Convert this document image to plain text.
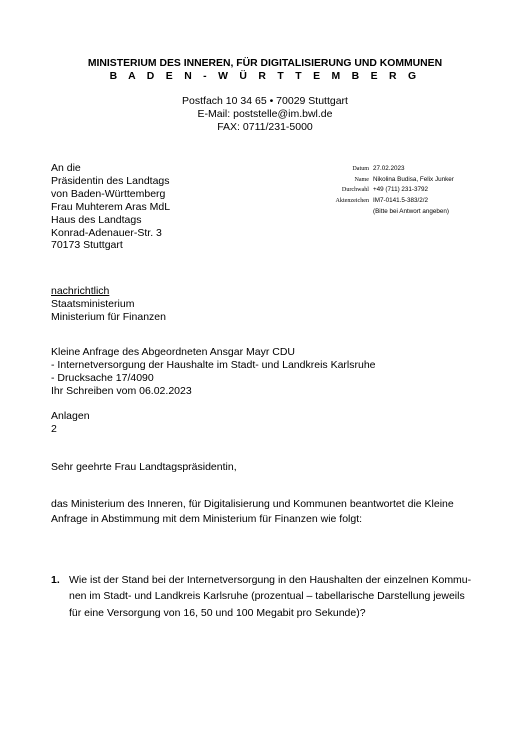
MINISTERIUM DES INNEREN, FÜR DIGITALISIERUNG UND KOMMUNEN
B A D E N - W Ü R T T E M B E R G
Postfach 10 34 65 • 70029 Stuttgart
E-Mail: poststelle@im.bwl.de
FAX: 0711/231-5000
An die
Präsidentin des Landtags
von Baden-Württemberg
Frau Muhterem Aras MdL
Haus des Landtags
Konrad-Adenauer-Str. 3
70173 Stuttgart
Datum 27.02.2023
Name Nikolina Budisa, Felix Junker
Durchwahl +49 (711) 231-3792
Aktenzeichen IM7-0141.5-383/2/2
(Bitte bei Antwort angeben)
nachrichtlich
Staatsministerium
Ministerium für Finanzen
Kleine Anfrage des Abgeordneten Ansgar Mayr CDU
- Internetversorgung der Haushalte im Stadt- und Landkreis Karlsruhe
- Drucksache 17/4090
Ihr Schreiben vom 06.02.2023
Anlagen
2
Sehr geehrte Frau Landtagspräsidentin,
das Ministerium des Inneren, für Digitalisierung und Kommunen beantwortet die Kleine
Anfrage in Abstimmung mit dem Ministerium für Finanzen wie folgt:
1. Wie ist der Stand bei der Internetversorgung in den Haushalten der einzelnen Kommu-
nen im Stadt- und Landkreis Karlsruhe (prozentual – tabellarische Darstellung jeweils
für eine Versorgung von 16, 50 und 100 Megabit pro Sekunde)?
